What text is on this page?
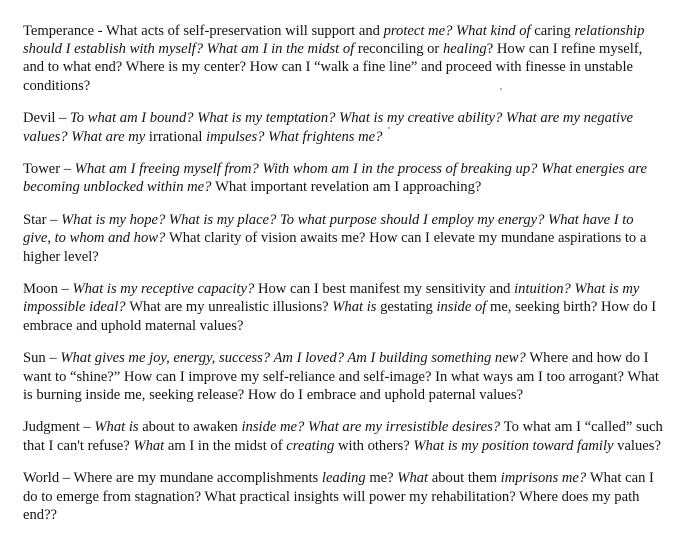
Temperance - What acts of self-preservation will support and protect me? What kind of caring relationship should I establish with myself? What am I in the midst of reconciling or healing? How can I refine myself, and to what end? Where is my center? How can I “walk a fine line” and proceed with finesse in unstable conditions?

Devil – To what am I bound? What is my temptation? What is my creative ability? What are my negative values? What are my irrational impulses? What frightens me?

Tower – What am I freeing myself from? With whom am I in the process of breaking up? What energies are becoming unblocked within me? What important revelation am I approaching?

Star – What is my hope? What is my place? To what purpose should I employ my energy? What have I to give, to whom and how? What clarity of vision awaits me? How can I elevate my mundane aspirations to a higher level?

Moon – What is my receptive capacity? How can I best manifest my sensitivity and intuition? What is my impossible ideal? What are my unrealistic illusions? What is gestating inside of me, seeking birth? How do I embrace and uphold maternal values?

Sun – What gives me joy, energy, success? Am I loved? Am I building something new? Where and how do I want to “shine?” How can I improve my self-reliance and self-image? In what ways am I too arrogant? What is burning inside me, seeking release? How do I embrace and uphold paternal values?

Judgment – What is about to awaken inside me? What are my irresistible desires? To what am I “called” such that I can't refuse? What am I in the midst of creating with others? What is my position toward family values?

World – Where are my mundane accomplishments leading me? What about them imprisons me? What can I do to emerge from stagnation? What practical insights will power my rehabilitation? Where does my path end??
